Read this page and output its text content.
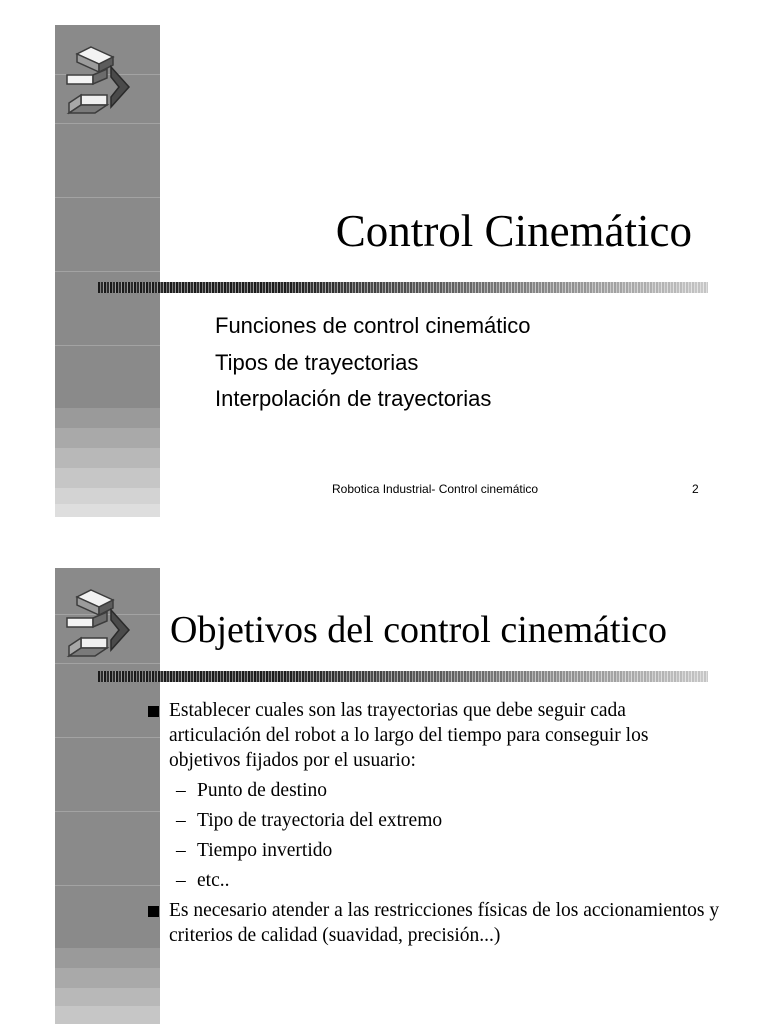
Control Cinemático
Funciones de control cinemático
Tipos de trayectorias
Interpolación de trayectorias
Robotica Industrial- Control cinemático	2
Objetivos del control cinemático
Establecer cuales son las trayectorias que debe seguir cada articulación del robot a lo largo del tiempo para conseguir los objetivos fijados por el usuario:
– Punto de destino
– Tipo de trayectoria del extremo
– Tiempo invertido
– etc..
Es necesario atender a las restricciones físicas de los accionamientos y criterios de calidad (suavidad, precisión...)
